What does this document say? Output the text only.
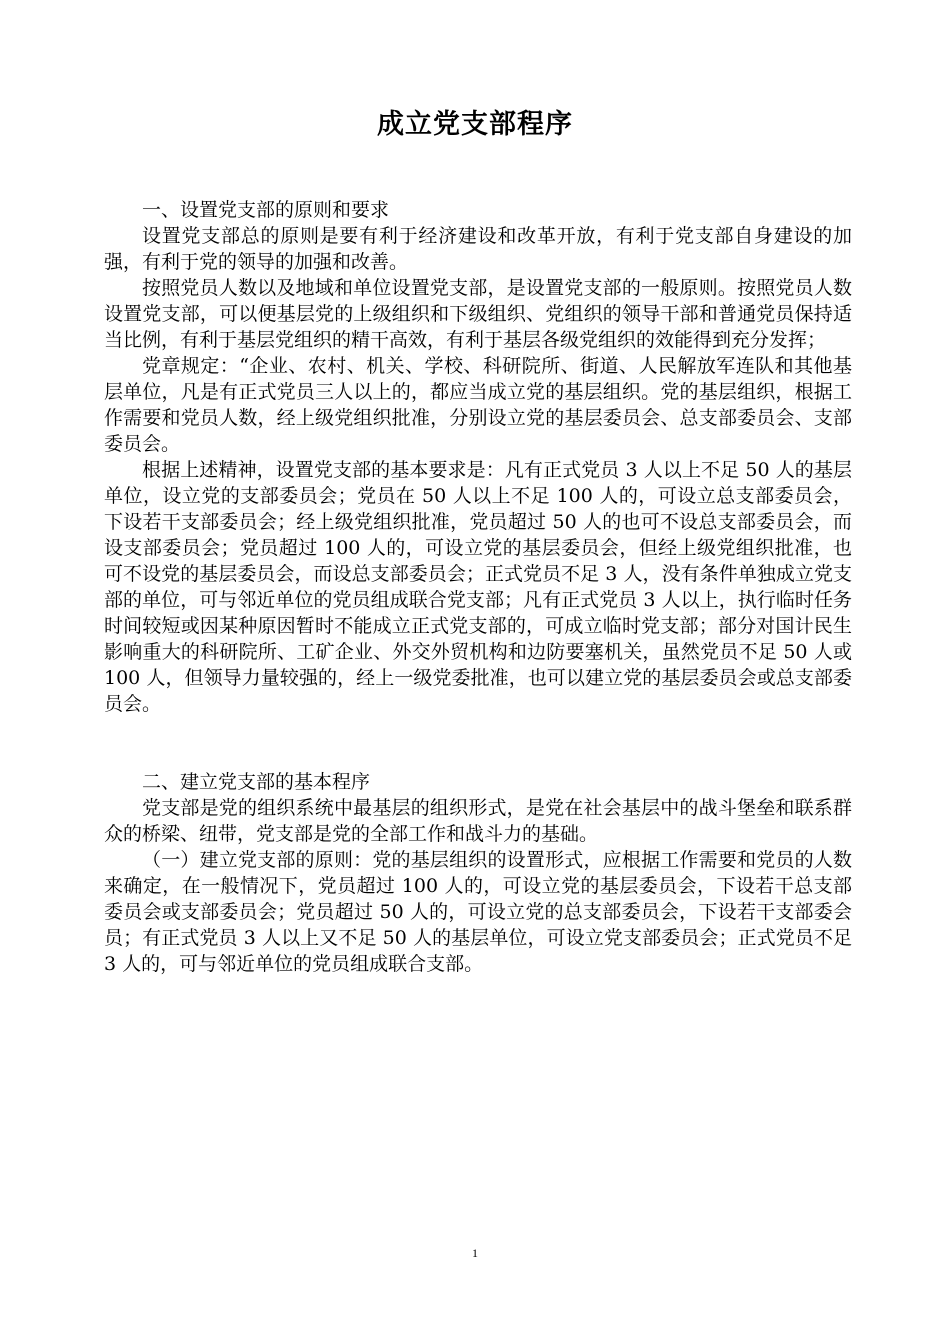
成立党支部程序
一、设置党支部的原则和要求

设置党支部总的原则是要有利于经济建设和改革开放，有利于党支部自身建设的加强，有利于党的领导的加强和改善。

按照党员人数以及地域和单位设置党支部，是设置党支部的一般原则。按照党员人数设置党支部，可以便基层党的上级组织和下级组织、党组织的领导干部和普通党员保持适当比例，有利于基层党组织的精干高效，有利于基层各级党组织的效能得到充分发挥；

党章规定：“企业、农村、机关、学校、科研院所、街道、人民解放军连队和其他基层单位，凡是有正式党员三人以上的，都应当成立党的基层组织。党的基层组织，根据工作需要和党员人数，经上级党组织批准，分别设立党的基层委员会、总支部委员会、支部委员会。

根据上述精神，设置党支部的基本要求是：凡有正式党员 3 人以上不足 50 人的基层单位，设立党的支部委员会；党员在 50 人以上不足 100 人的，可设立总支部委员会，下设若干支部委员会；经上级党组织批准，党员超过 50 人的也可不设总支部委员会，而设支部委员会；党员超过 100 人的，可设立党的基层委员会，但经上级党组织批准，也可不设党的基层委员会，而设总支部委员会；正式党员不足 3 人，没有条件单独成立党支部的单位，可与邻近单位的党员组成联合党支部；凡有正式党员 3 人以上，执行临时任务时间较短或因某种原因暂时不能成立正式党支部的，可成立临时党支部；部分对国计民生影响重大的科研院所、工矿企业、外交外贸机构和边防要塞机关，虽然党员不足 50 人或 100 人，但领导力量较强的，经上一级党委批准，也可以建立党的基层委员会或总支部委员会。

二、建立党支部的基本程序

党支部是党的组织系统中最基层的组织形式，是党在社会基层中的战斗堡垒和联系群众的桥梁、纽带，党支部是党的全部工作和战斗力的基础。

（一）建立党支部的原则：党的基层组织的设置形式，应根据工作需要和党员的人数来确定，在一般情况下，党员超过 100 人的，可设立党的基层委员会，下设若干总支部委员会或支部委员会；党员超过 50 人的，可设立党的总支部委员会，下设若干支部委会员；有正式党员 3 人以上又不足 50 人的基层单位，可设立党支部委员会；正式党员不足 3 人的，可与邻近单位的党员组成联合支部。

1
